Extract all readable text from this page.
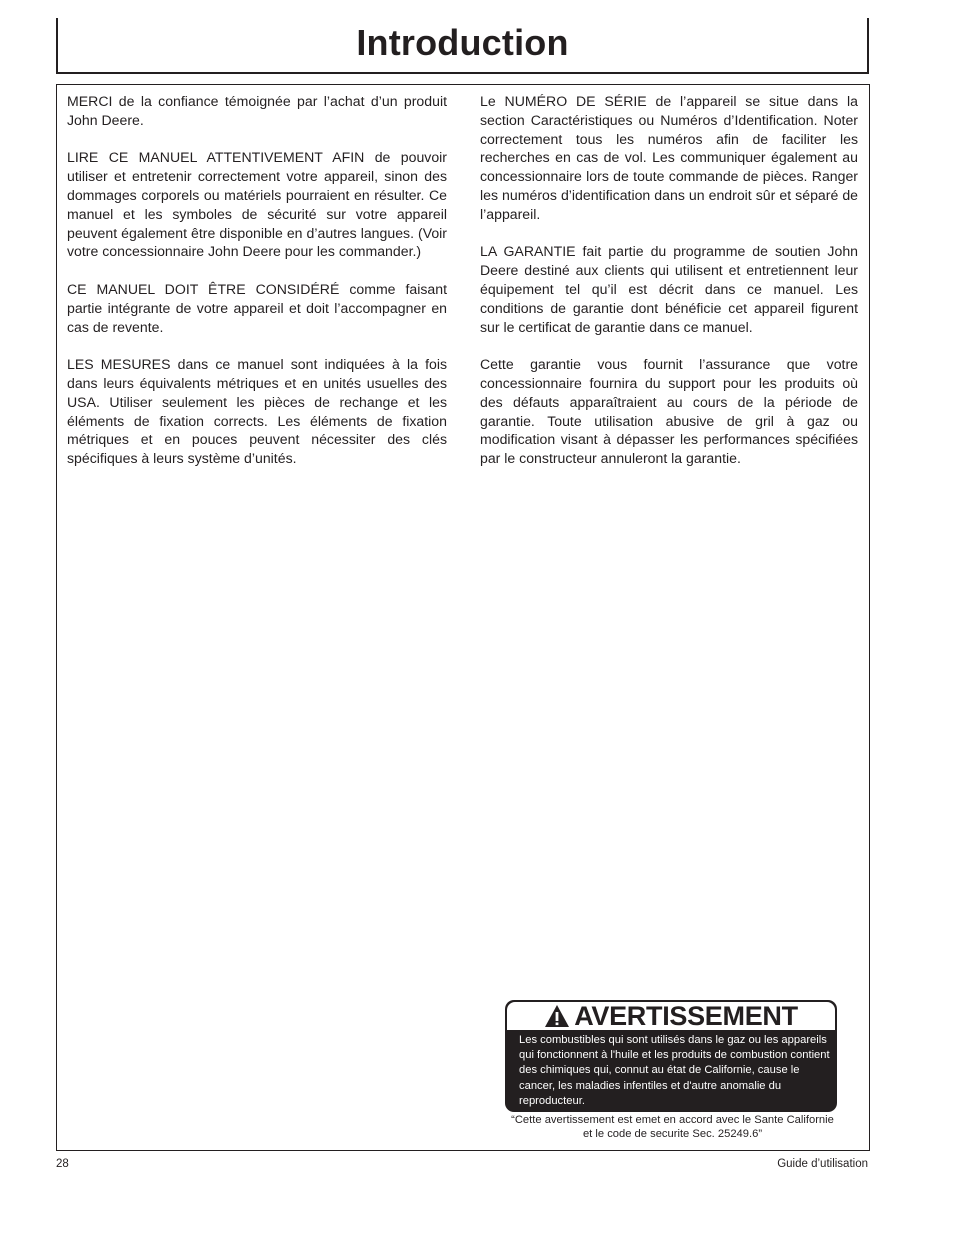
Introduction

MERCI de la confiance témoignée par l’achat d’un produit John Deere.

LIRE CE MANUEL ATTENTIVEMENT AFIN de pouvoir utiliser et entretenir correctement votre appareil, sinon des dommages corporels ou matériels pourraient en résulter. Ce manuel et les symboles de sécurité sur votre appareil peuvent également être disponible en d’autres langues. (Voir votre concessionnaire John Deere pour les commander.)

CE MANUEL DOIT ÊTRE CONSIDÉRÉ comme faisant partie intégrante de votre appareil et doit l’accompagner en cas de revente.

LES MESURES dans ce manuel sont indiquées à la fois dans leurs équivalents métriques et en unités usuelles des USA. Utiliser seulement les pièces de rechange et les éléments de fixation corrects. Les éléments de fixation métriques et en pouces peuvent nécessiter des clés spécifiques à leurs système d’unités.

Le NUMÉRO DE SÉRIE de l’appareil se situe dans la section Caractéristiques ou Numéros d’Identification. Noter correctement tous les numéros afin de faciliter les recherches en cas de vol. Les communiquer également au concessionnaire lors de toute commande de pièces. Ranger les numéros d’identification dans un endroit sûr et séparé de l’appareil.

LA GARANTIE fait partie du programme de soutien John Deere destiné aux clients qui utilisent et entretiennent leur équipement tel qu’il est décrit dans ce manuel. Les conditions de garantie dont bénéficie cet appareil figurent sur le certificat de garantie dans ce manuel.

Cette garantie vous fournit l’assurance que votre concessionnaire fournira du support pour les produits où des défauts apparaîtraient au cours de la période de garantie. Toute utilisation abusive de gril à gaz ou modification visant à dépasser les performances spécifiées par le constructeur annuleront la garantie.

AVERTISSEMENT
Les combustibles qui sont utilisés dans le gaz ou les appareils qui fonctionnent à l'huile et les produits de combustion contient des chimiques qui, connut au état de Californie, cause le cancer, les maladies infentiles et d'autre anomalie du reproducteur.
“Cette avertissement est emet en accord avec le Sante Californie et le code de securite Sec. 25249.6”
28	Guide d’utilisation
